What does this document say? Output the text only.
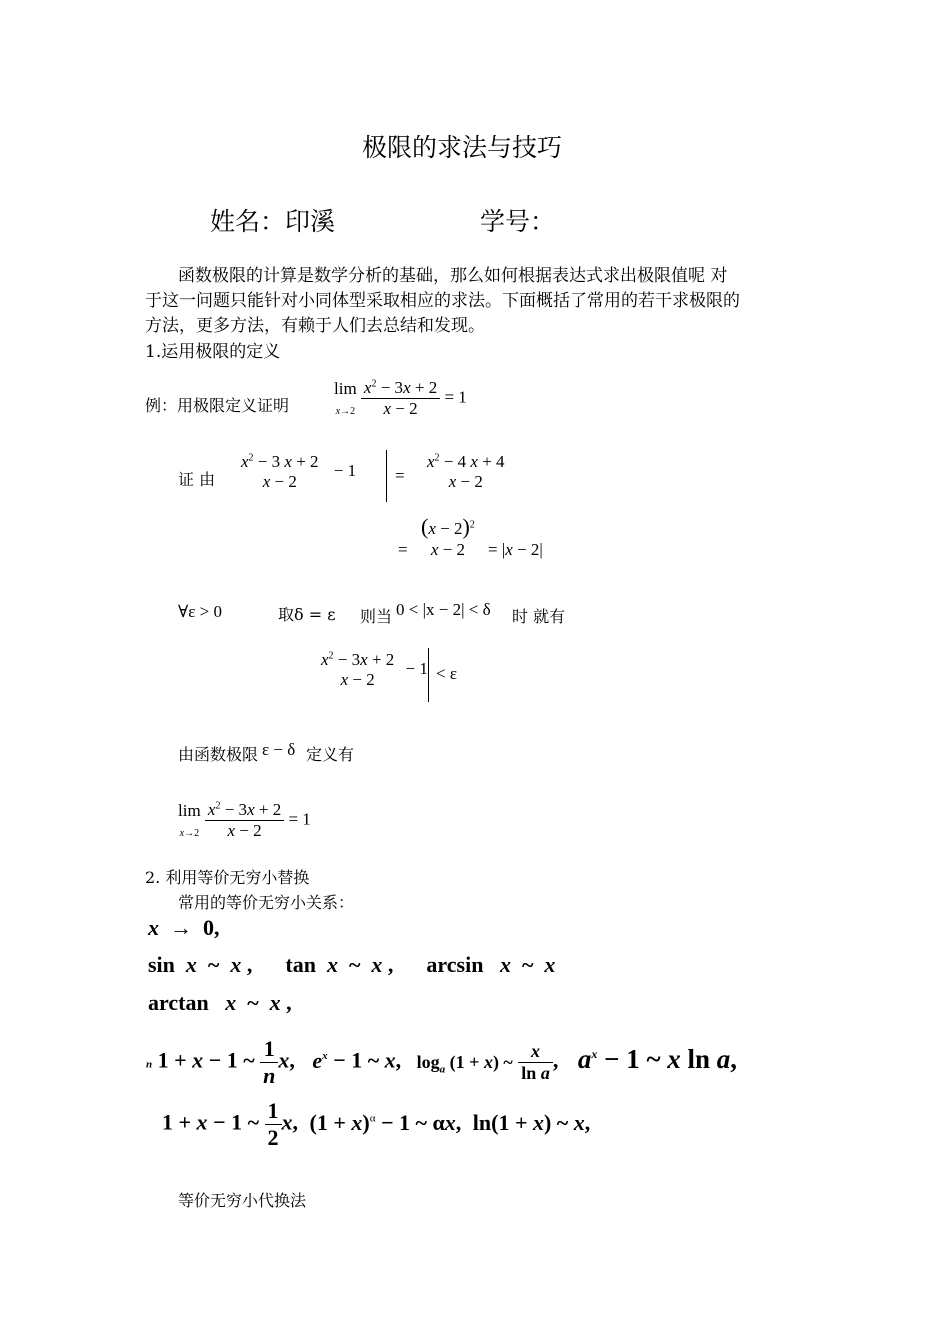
极限的求法与技巧
姓名：印溪	学号：
函数极限的计算是数学分析的基础，那么如何根据表达式求出极限值呢 对
于这一问题只能针对小同体型采取相应的求法。下面概括了常用的若干求极限的
方法，更多方法，有赖于人们去总结和发现。
1.运用极限的定义
例：用极限定义证明
lim
$x\to 2 \frac{x^2 - 3x + 2}{x - 2} = 1$
证 由
$x^2 - 3$ x + 2
x − 2
− 1 =
$x^2 - 4$ x + 4
x − 2
=
$(x - 2)^2$
x − 2	= |x − 2|
∀ε > 0	取δ = ε 则当 0 < |x − 2| < δ 时 就有
$x^2 - 3x + 2$
x − 2
− 1 < ε
由函数极限 ε − δ 定义有
lim
$x\to 2 \frac{x^2 - 3x + 2}{x - 2} = 1$
2. 利用等价无穷小替换
常用的等价无穷小关系：
x  →  0,
sin  x  ~  x ,      tan  x  ~  x ,      arcsin   x  ~  x
arctan   x  ~  x ,
n 1 + x − 1 ~ $\frac{1}{n} x$, $e^x - 1$ ~ x, $\log_a (1 + x)$ ~ $\frac{x}{\text{ln a}}$ , $a^x - 1$ ~ x ln a,
1 + x − 1 ~ $\frac{1}{2} x$, $(1 + x)^\alpha - 1$ ~ αx, ln(1 + x) ~ x,
等价无穷小代换法
